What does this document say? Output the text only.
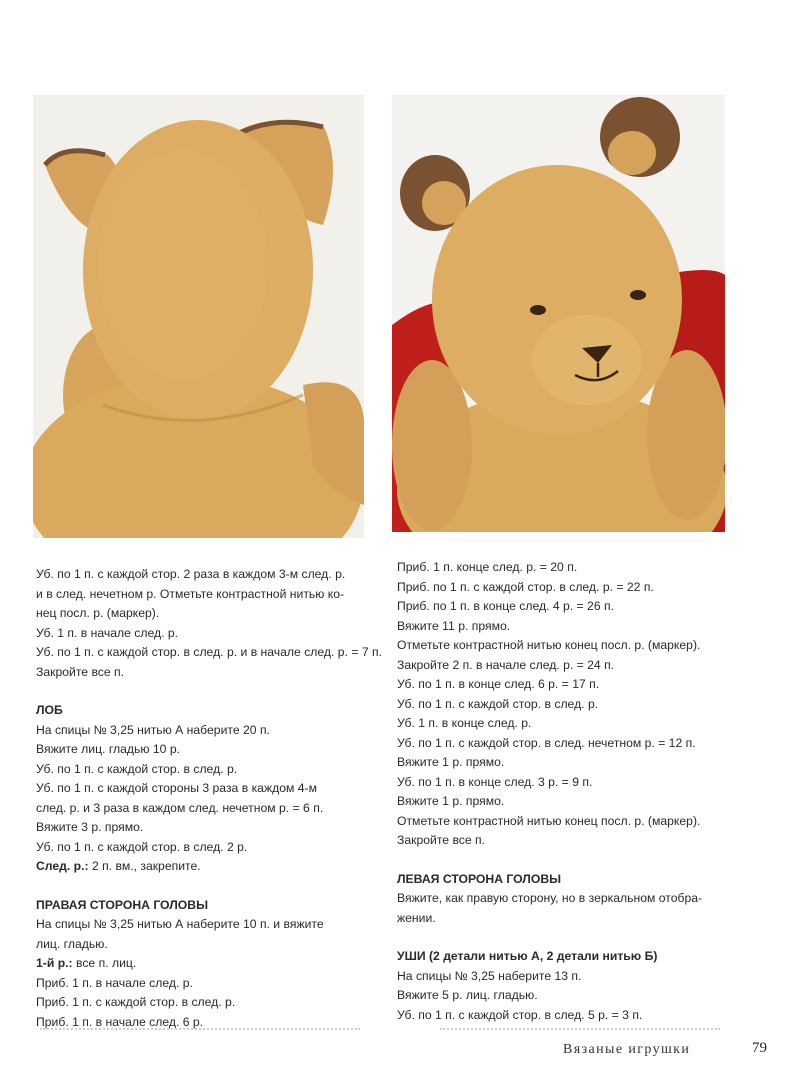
Уб. по 1 п. с каждой стор. 2 раза в каждом 3-м след. р.
и в след. нечетном р. Отметьте контрастной нитью ко-
нец посл. р. (маркер).
Уб. 1 п. в начале след. р.
Уб. по 1 п. с каждой стор. в след. р. и в начале след. р. = 7 п.
Закройте все п.
ЛОБ
На спицы № 3,25 нитью А наберите 20 п.
Вяжите лиц. гладью 10 р.
Уб. по 1 п. с каждой стор. в след. р.
Уб. по 1 п. с каждой стороны 3 раза в каждом 4-м
след. р. и 3 раза в каждом след. нечетном р. = 6 п.
Вяжите 3 р. прямо.
Уб. по 1 п. с каждой стор. в след. 2 р.
След. р.: 2 п. вм., закрепите.
ПРАВАЯ СТОРОНА ГОЛОВЫ
На спицы № 3,25 нитью А наберите 10 п. и вяжите
лиц. гладью.
1-й р.: все п. лиц.
Приб. 1 п. в начале след. р.
Приб. 1 п. с каждой стор. в след. р.
Приб. 1 п. в начале след. 6 р.
Приб. 1 п. конце след. р. = 20 п.
Приб. по 1 п. с каждой стор. в след. р. = 22 п.
Приб. по 1 п. в конце след. 4 р. = 26 п.
Вяжите 11 р. прямо.
Отметьте контрастной нитью конец посл. р. (маркер).
Закройте 2 п. в начале след. р. = 24 п.
Уб. по 1 п. в конце след. 6 р. = 17 п.
Уб. по 1 п. с каждой стор. в след. р.
Уб. 1 п. в конце след. р.
Уб. по 1 п. с каждой стор. в след. нечетном р. = 12 п.
Вяжите 1 р. прямо.
Уб. по 1 п. в конце след. 3 р. = 9 п.
Вяжите 1 р. прямо.
Отметьте контрастной нитью конец посл. р. (маркер).
Закройте все п.
ЛЕВАЯ СТОРОНА ГОЛОВЫ
Вяжите, как правую сторону, но в зеркальном отобра-
жении.
УШИ (2 детали нитью А, 2 детали нитью Б)
На спицы № 3,25 наберите 13 п.
Вяжите 5 р. лиц. гладью.
Уб. по 1 п. с каждой стор. в след. 5 р. = 3 п.
Вязаные игрушки	79
